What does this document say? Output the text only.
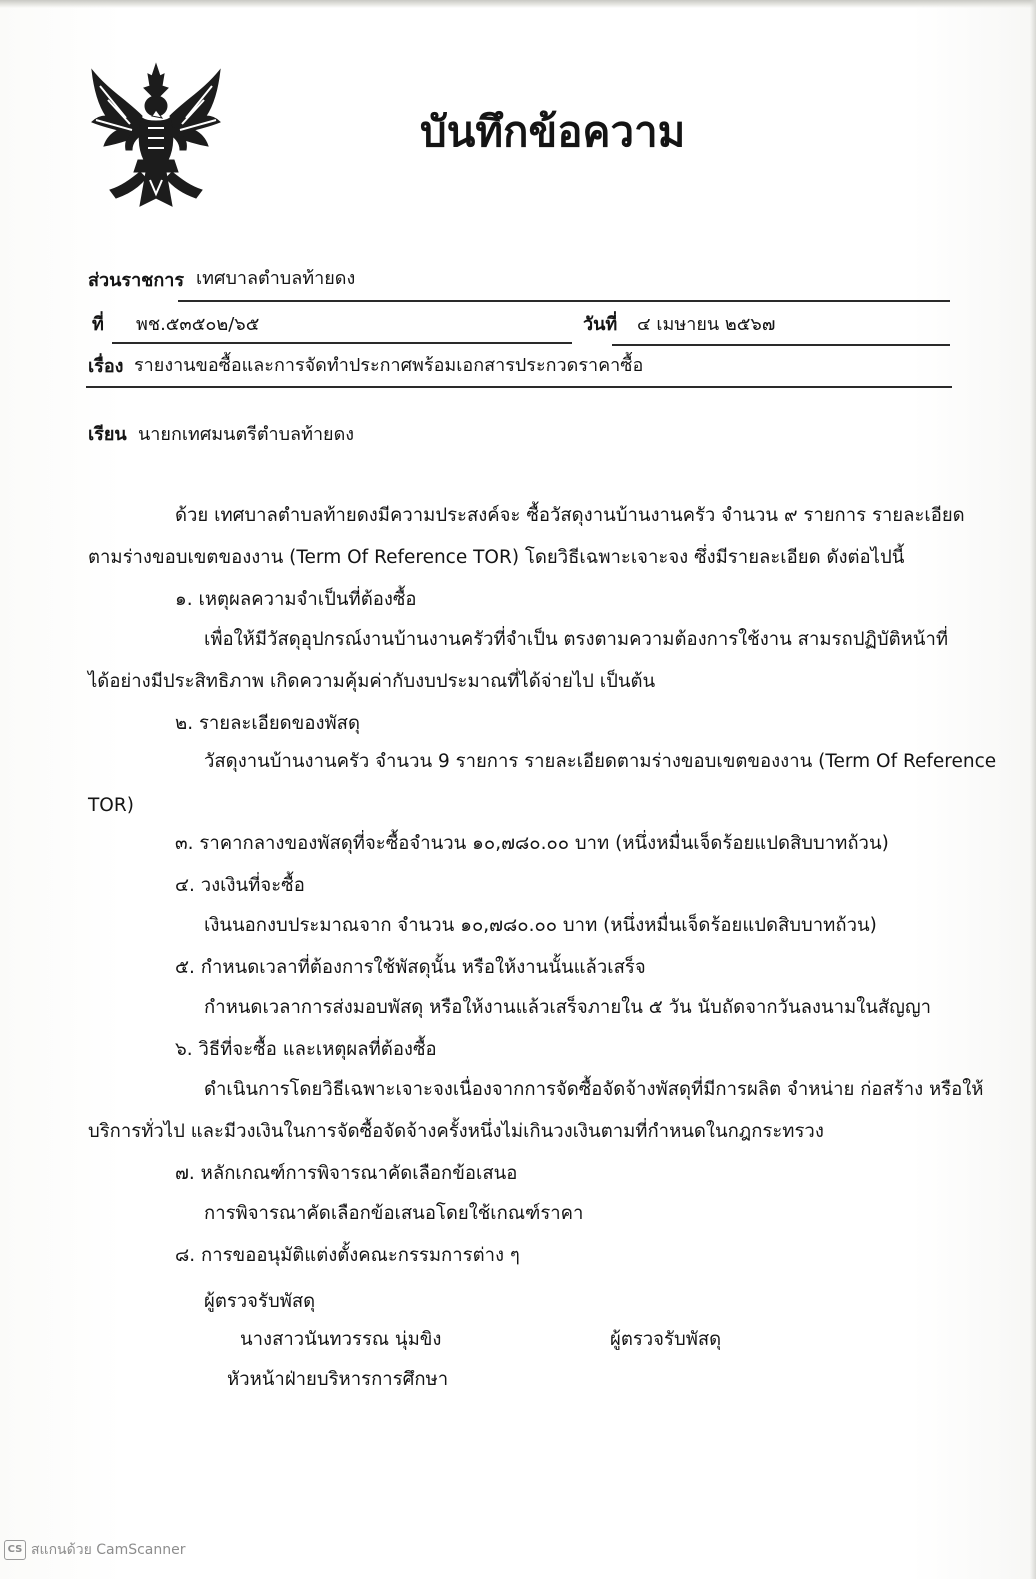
บันทึกข้อความ
ส่วนราชการ เทศบาลตำบลท้ายดง
ที่ พช.๕๓๕๐๒/๖๕	วันที่ ๔ เมษายน ๒๕๖๗
เรื่อง รายงานขอซื้อและการจัดทำประกาศพร้อมเอกสารประกวดราคาซื้อ
เรียน นายกเทศมนตรีตำบลท้ายดง
ด้วย เทศบาลตำบลท้ายดงมีความประสงค์จะ ซื้อวัสดุงานบ้านงานครัว จำนวน ๙ รายการ รายละเอียด
ตามร่างขอบเขตของงาน (Term Of Reference TOR) โดยวิธีเฉพาะเจาะจง ซึ่งมีรายละเอียด ดังต่อไปนี้
๑. เหตุผลความจำเป็นที่ต้องซื้อ
เพื่อให้มีวัสดุอุปกรณ์งานบ้านงานครัวที่จำเป็น ตรงตามความต้องการใช้งาน สามรถปฏิบัติหน้าที่
ได้อย่างมีประสิทธิภาพ เกิดความคุ้มค่ากับงบประมาณที่ได้จ่ายไป เป็นต้น
๒. รายละเอียดของพัสดุ
วัสดุงานบ้านงานครัว จำนวน 9 รายการ รายละเอียดตามร่างขอบเขตของงาน (Term Of Reference
TOR)
๓. ราคากลางของพัสดุที่จะซื้อจำนวน ๑๐,๗๘๐.๐๐ บาท (หนึ่งหมื่นเจ็ดร้อยแปดสิบบาทถ้วน)
๔. วงเงินที่จะซื้อ
เงินนอกงบประมาณจาก จำนวน ๑๐,๗๘๐.๐๐ บาท (หนึ่งหมื่นเจ็ดร้อยแปดสิบบาทถ้วน)
๕. กำหนดเวลาที่ต้องการใช้พัสดุนั้น หรือให้งานนั้นแล้วเสร็จ
กำหนดเวลาการส่งมอบพัสดุ หรือให้งานแล้วเสร็จภายใน ๕ วัน นับถัดจากวันลงนามในสัญญา
๖. วิธีที่จะซื้อ และเหตุผลที่ต้องซื้อ
ดำเนินการโดยวิธีเฉพาะเจาะจงเนื่องจากการจัดซื้อจัดจ้างพัสดุที่มีการผลิต จำหน่าย ก่อสร้าง หรือให้
บริการทั่วไป และมีวงเงินในการจัดซื้อจัดจ้างครั้งหนึ่งไม่เกินวงเงินตามที่กำหนดในกฎกระทรวง
๗. หลักเกณฑ์การพิจารณาคัดเลือกข้อเสนอ
การพิจารณาคัดเลือกข้อเสนอโดยใช้เกณฑ์ราคา
๘. การขออนุมัติแต่งตั้งคณะกรรมการต่าง ๆ
ผู้ตรวจรับพัสดุ
นางสาวนันทวรรณ นุ่มขิง	ผู้ตรวจรับพัสดุ
หัวหน้าฝ่ายบริหารการศึกษา
CS สแกนด้วย CamScanner
